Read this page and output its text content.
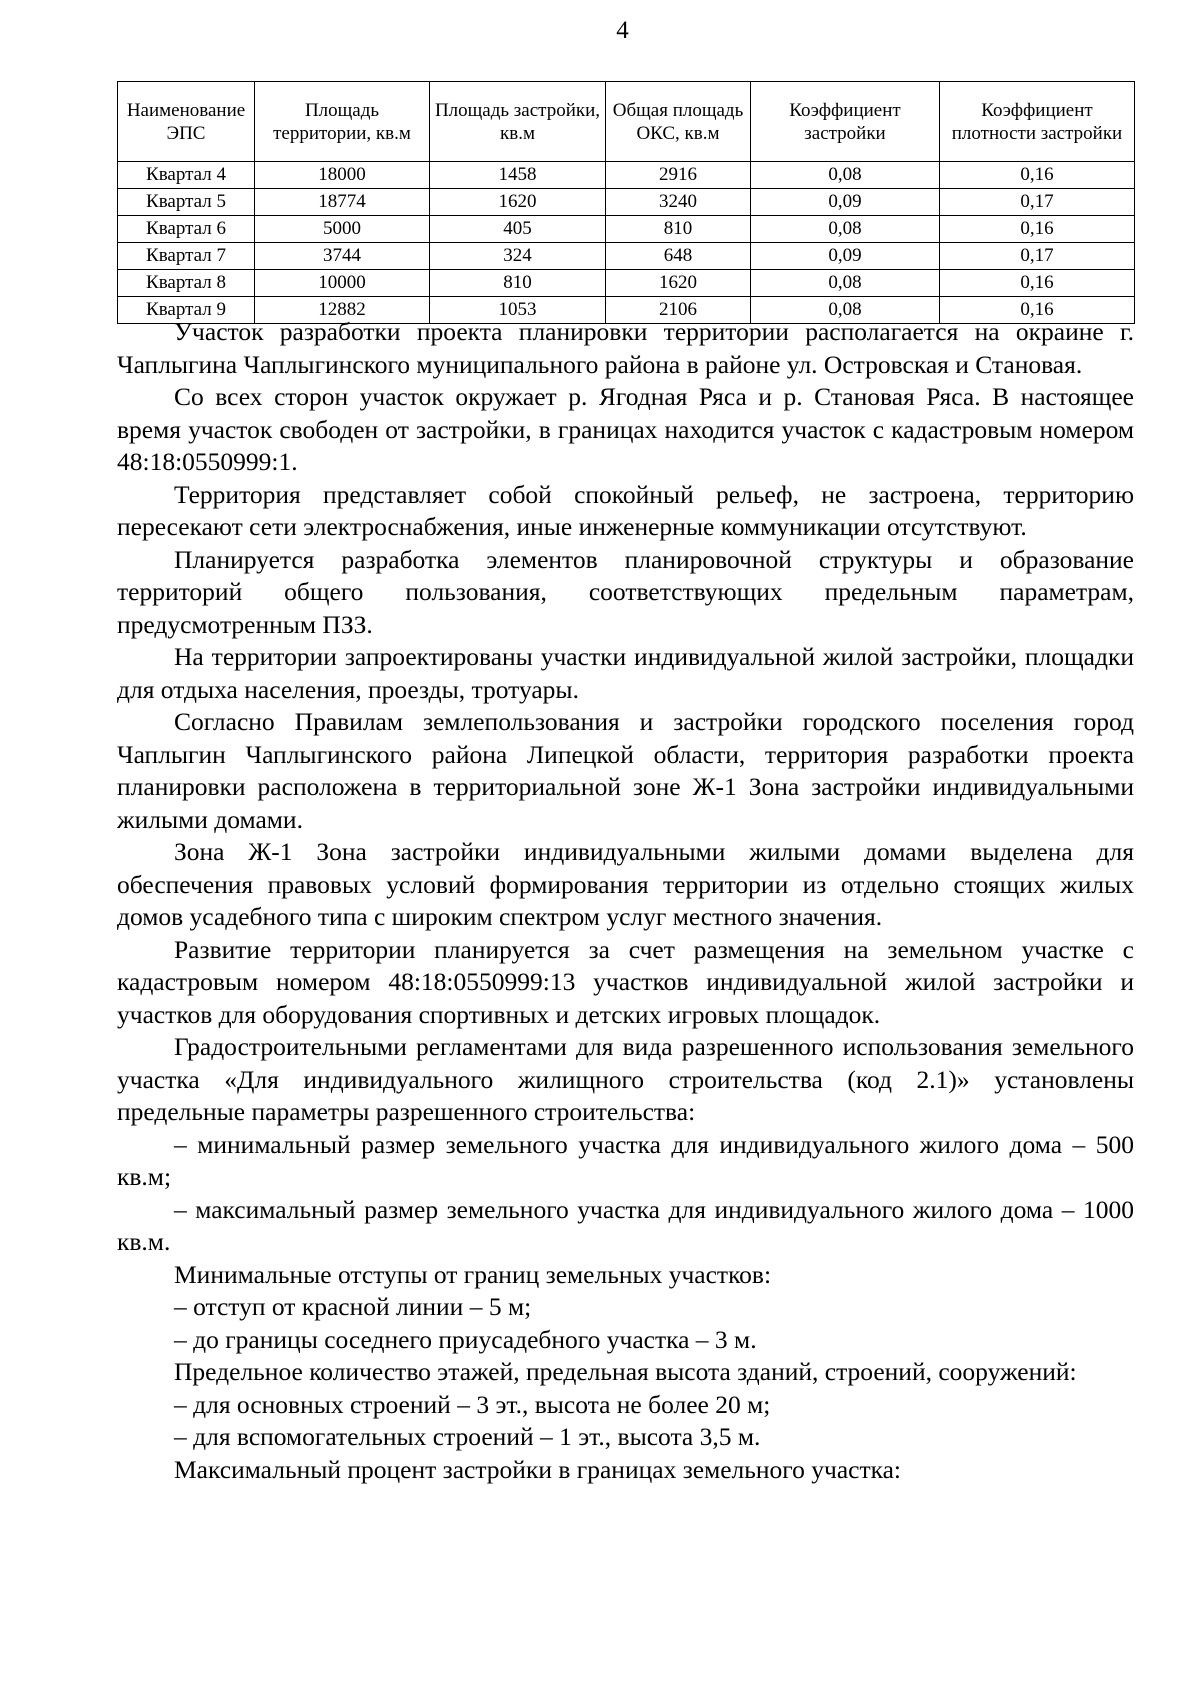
4
Наименование ЭПС	Площадь территории, кв.м	Площадь застройки, кв.м	Общая площадь ОКС, кв.м	Коэффициент застройки	Коэффициент плотности застройки
Квартал 4	18000	1458	2916	0,08	0,16
Квартал 5	18774	1620	3240	0,09	0,17
Квартал 6	5000	405	810	0,08	0,16
Квартал 7	3744	324	648	0,09	0,17
Квартал 8	10000	810	1620	0,08	0,16
Квартал 9	12882	1053	2106	0,08	0,16

Участок разработки проекта планировки территории располагается на окраине г. Чаплыгина Чаплыгинского муниципального района в районе ул. Островская и Становая.

Со всех сторон участок окружает р. Ягодная Ряса и р. Становая Ряса. В настоящее время участок свободен от застройки, в границах находится участок с кадастровым номером 48:18:0550999:1.

Территория представляет собой спокойный рельеф, не застроена, территорию пересекают сети электроснабжения, иные инженерные коммуникации отсутствуют.

Планируется разработка элементов планировочной структуры и образование территорий общего пользования, соответствующих предельным параметрам, предусмотренным ПЗЗ.

На территории запроектированы участки индивидуальной жилой застройки, площадки для отдыха населения, проезды, тротуары.

Согласно Правилам землепользования и застройки городского поселения город Чаплыгин Чаплыгинского района Липецкой области, территория разработки проекта планировки расположена в территориальной зоне Ж-1 Зона застройки индивидуальными жилыми домами.

Зона Ж-1 Зона застройки индивидуальными жилыми домами выделена для обеспечения правовых условий формирования территории из отдельно стоящих жилых домов усадебного типа с широким спектром услуг местного значения.

Развитие территории планируется за счет размещения на земельном участке с кадастровым номером 48:18:0550999:13 участков индивидуальной жилой застройки и участков для оборудования спортивных и детских игровых площадок.

Градостроительными регламентами для вида разрешенного использования земельного участка «Для индивидуального жилищного строительства (код 2.1)» установлены предельные параметры разрешенного строительства:

– минимальный размер земельного участка для индивидуального жилого дома – 500 кв.м;

– максимальный размер земельного участка для индивидуального жилого дома – 1000 кв.м.

Минимальные отступы от границ земельных участков:

– отступ от красной линии – 5 м;

– до границы соседнего приусадебного участка – 3 м.

Предельное количество этажей, предельная высота зданий, строений, сооружений:

– для основных строений – 3 эт., высота не более 20 м;

– для вспомогательных строений – 1 эт., высота 3,5 м.

Максимальный процент застройки в границах земельного участка:
